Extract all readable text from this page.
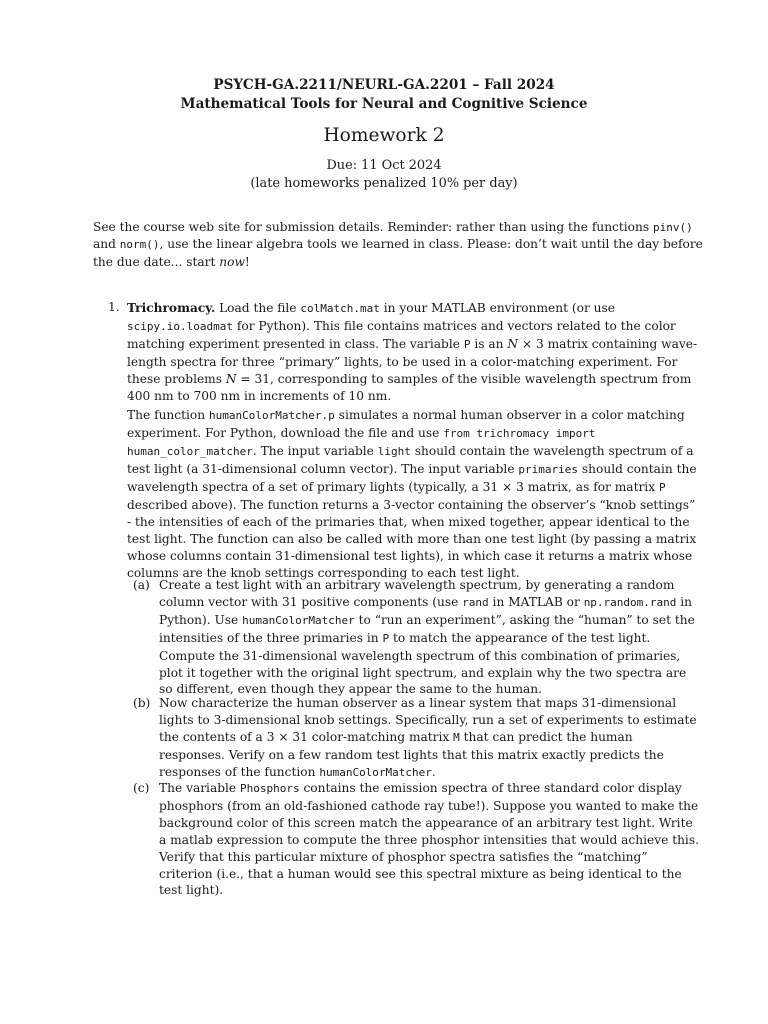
PSYCH-GA.2211/NEURL-GA.2201 – Fall 2024
Mathematical Tools for Neural and Cognitive Science
Homework 2
Due: 11 Oct 2024
(late homeworks penalized 10% per day)
See the course web site for submission details. Reminder: rather than using the functions pinv() and norm(), use the linear algebra tools we learned in class. Please: don’t wait until the day before the due date... start now!
1. Trichromacy. Load the file colMatch.mat in your MATLAB environment (or use scipy.io.loadmat for Python). This file contains matrices and vectors related to the color matching experiment presented in class. The variable P is an N × 3 matrix containing wave-length spectra for three “primary” lights, to be used in a color-matching experiment. For these problems N = 31, corresponding to samples of the visible wavelength spectrum from 400 nm to 700 nm in increments of 10 nm.

The function humanColorMatcher.p simulates a normal human observer in a color matching experiment. For Python, download the file and use from trichromacy import human_color_matcher. The input variable light should contain the wavelength spectrum of a test light (a 31-dimensional column vector). The input variable primaries should contain the wavelength spectra of a set of primary lights (typically, a 31 × 3 matrix, as for matrix P described above). The function returns a 3-vector containing the observer’s “knob settings” - the intensities of each of the primaries that, when mixed together, appear identical to the test light. The function can also be called with more than one test light (by passing a matrix whose columns contain 31-dimensional test lights), in which case it returns a matrix whose columns are the knob settings corresponding to each test light.

(a) Create a test light with an arbitrary wavelength spectrum, by generating a random column vector with 31 positive components (use rand in MATLAB or np.random.rand in Python). Use humanColorMatcher to “run an experiment”, asking the “human” to set the intensities of the three primaries in P to match the appearance of the test light. Compute the 31-dimensional wavelength spectrum of this combination of primaries, plot it together with the original light spectrum, and explain why the two spectra are so different, even though they appear the same to the human.
(b) Now characterize the human observer as a linear system that maps 31-dimensional lights to 3-dimensional knob settings. Specifically, run a set of experiments to estimate the contents of a 3 × 31 color-matching matrix M that can predict the human responses. Verify on a few random test lights that this matrix exactly predicts the responses of the function humanColorMatcher.
(c) The variable Phosphors contains the emission spectra of three standard color display phosphors (from an old-fashioned cathode ray tube!). Suppose you wanted to make the background color of this screen match the appearance of an arbitrary test light. Write a matlab expression to compute the three phosphor intensities that would achieve this. Verify that this particular mixture of phosphor spectra satisfies the “matching” criterion (i.e., that a human would see this spectral mixture as being identical to the test light).
